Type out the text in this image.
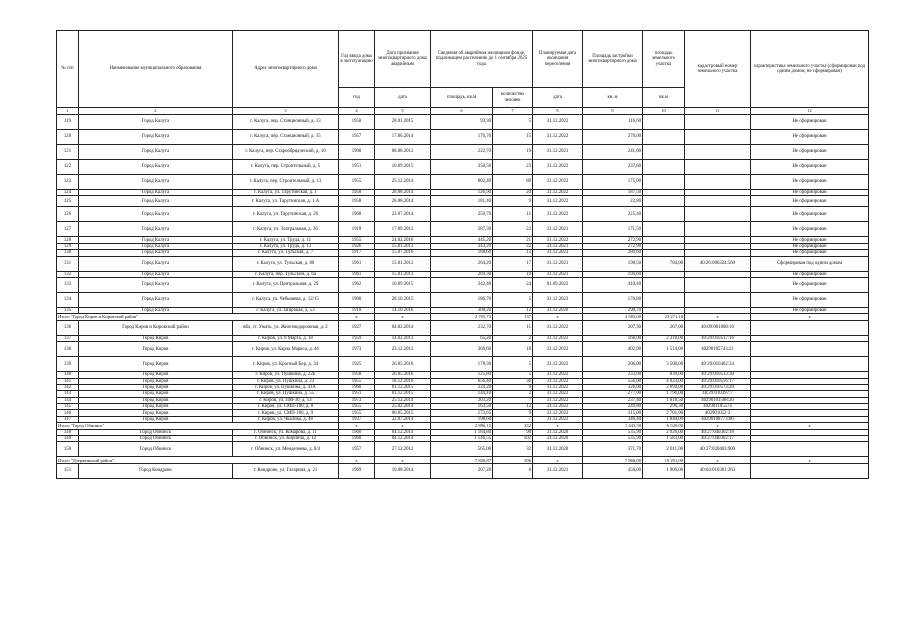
№ п/п	Наименование муниципального образования	Адрес многоквартирного дома	Год ввода дома в эксплуатацию	Дата признания многоквартирного дома аварийным	Сведения об аварийном жилищном фонде, подлежащем расселению до 1 сентября 2025 года		Планируемая дата окончания переселения	Площадь застройки многоквартирного дома	площадь земельного участка	кадастровый номер земельного участка	характеристика земельного участка (сформирован под одним домом, не сформирован)
			год	дата	площадь, кв.м	количество человек	дата	кв. м	кв.м		
1	2	3	4	5	6	7	8	9	10	11	12
119	Город Калуга	г. Калуга, пер. Станционный, д. 13	1958	28.01.2015	93,30	5	31.12.2022	116,60			Не сформирован
120	Город Калуга	г. Калуга, пер. Станционный, д. 15	1957	17.06.2014	176,70	15	31.12.2022	270,00			Не сформирован
121	Город Калуга	г. Калуга, пер. Старообрядческий, д. 10	1900	08.08.2013	222,70	19	31.12.2021	241,60			Не сформирован
122	Город Калуга	г. Калуга, пер. Строительный, д. 5	1951	10.09.2015	350,50	23	31.12.2022	237,60			Не сформирован
123	Город Калуга	г. Калуга, пер. Строительный, д. 13	1955	25.12.2014	802,40	80	31.12.2022	175,00			Не сформирован
124	Город Калуга	г. Калуга, ул. Тарутинская, д. 1	1958	28.08.2014	126,90	20	31.12.2022	187,50			Не сформирован
125	Город Калуга	г. Калуга, ул. Тарутинская, д. 1 А	1958	28.08.2014	181,40	9	31.12.2022	22,80			Не сформирован
126	Город Калуга	г. Калуга, ул. Тарутинская, д. 26	1968	23.07.2014	259,70	11	31.12.2022	225,40			Не сформирован
127	Город Калуга	г. Калуга, ул. Театральная, д. 36	1918	17.09.2013	287,30	22	31.12.2021	171,50			Не сформирован
128	Город Калуга	г. Калуга, ул. Труда, д. 11	1955	24.02.2016	445,20	21	31.12.2022	272,90			Не сформирован
129	Город Калуга	г. Калуга, ул. Труда, д. 13	1926	15.01.2013	243,20	22	31.12.2021	272,90			Не сформирован
130	Город Калуга	г. Калуга, ул. Тульская, д. 7	1917	15.07.2016	188,60	13	31.12.2023	280,60			Не сформирован
131	Город Калуга	г. Калуга, ул. Тульская, д. 80	1961	15.01.2013	264,20	17	31.12.2021	198,50	784,00	40:26:000324:560	Сформирован под одним домом
132	Город Калуга	г. Калуга, пер. Тульский, д. 6а	1961	15.01.2013	269,30	19	31.12.2021	194,60			Не сформирован
133	Город Калуга	г. Калуга, ул. Центральная, д. 29	1962	10.09.2015	342,40	24	01.09.2022	410,40			Не сформирован
134	Город Калуга	г. Калуга, ул. Чебышева, д. 12/15	1900	28.10.2015	186,70	5	31.12.2023	176,80			Не сформирован
135	Город Калуга	г. Калуга, ул. Широкая, д. 53	1918	14.10.2016	308,20	12	31.12.2020	290,70			Не сформирован
Итого "Город Киров и Кировский район"			x	x	2 705,73	137	x	3 585,00	23 271,10	x	x
136	Город Киров и Кировский район	вбл, ст. Ужать, ул. Железнодорожная, д. 2	1927	04.02.2014	232,70	11	31.12.2022	207,30	267,00	40:09:061008:10	
137	Город Киров	г. Киров, ул. 8 Марта, д. 18	1959	14.02.2013	65,20	2	31.12.2022	168,00	2 318,00	40:29:010537:16	
138	Город Киров	г. Киров, ул. Карла Маркса, д. 46	1973	23.12.2013	360,60	18	31.12.2022	402,00	1 514,00	40290105743:21	
139	Город Киров	г. Киров, ул. Красный Бор, д. 34	1925	26.05.2016	178,30	5	31.12.2022	206,00	3 500,00	40:29:010402:34	
140	Город Киров	г. Киров, ул. Пушкина, д. 22Б	1958	26.05.2016	125,80	5	31.12.2022	233,00	839,00	40:29:010533:30	
141	Город Киров	г. Киров, ул. Пушкина, д. 23	1955	18.12.2016	656,40	36	31.12.2022	556,00	4 023,00	40:29:010556:17	
142	Город Киров	г. Киров, ул. Пушкина, д. 41А	1960	01.12.2015	224,20	9	31.12.2022	326,00	2 694,00	40:29:010573:20	
143	Город Киров	г. Киров, ул. Пушкина, д. 55	1951	01.12.2015	144,10	2	31.12.2022	277,00	1 790,00	40:29:010397:7	
144	Город Киров	г. Киров, ул. ПМ-30, д. 13	1973	25.12.2014	203,20	7	31.12.2022	237,40	1 618,50	40290101508:20	
145	Город Киров	г. Киров, ул. СМП-100, д. 8	1955	25.02.2014	163,50	12	31.12.2022	249,80	296,30	402901105574	
146	Город Киров	г. Киров, ул. СМП-100, д. 9	1955	06.05.2015	173,65	9	31.12.2022	315,00	2 701,00	402901052:3	
147	Город Киров	г. Киров, ул. Чкалова, д. 48	1937	22.07.2014	198,60	7	31.12.2022	346,40	1 840,00	40290108773:86	
Итого "Город Обнинск"			x	x	2 896,15	232	x	1 443,50	6 520,00	x	x
148	Город Обнинск	г. Обнинск, ул. Комарова, д. 11	1960	04.12.2014	1 184,80	98	31.12.2020	535,90	2 926,00	40:27:040302:18	
149	Город Обнинск	г. Обнинск, ул. Кирпича, д. 13	1960	04.12.2014	1 146,55	102	31.12.2020	535,90	1 583,00	40:27:040302:17	
150	Город Обнинск	г. Обнинск, ул. Менделеева, д. 8/4	1957	27.12.2012	565,00	32	31.12.2020	371,70	2 011,00	40:27:020403:900	
Итого "Дзержинский район"			x	x	7 826,87	396	x	7 866,00	19 291,00	x	x
151	Город Кондрово	г. Кондрово, ул. Гагарина, д. 21	1969	19.08.2014	207,20	8	31.12.2021	450,00	1 906,00	40:04:010301:263	
